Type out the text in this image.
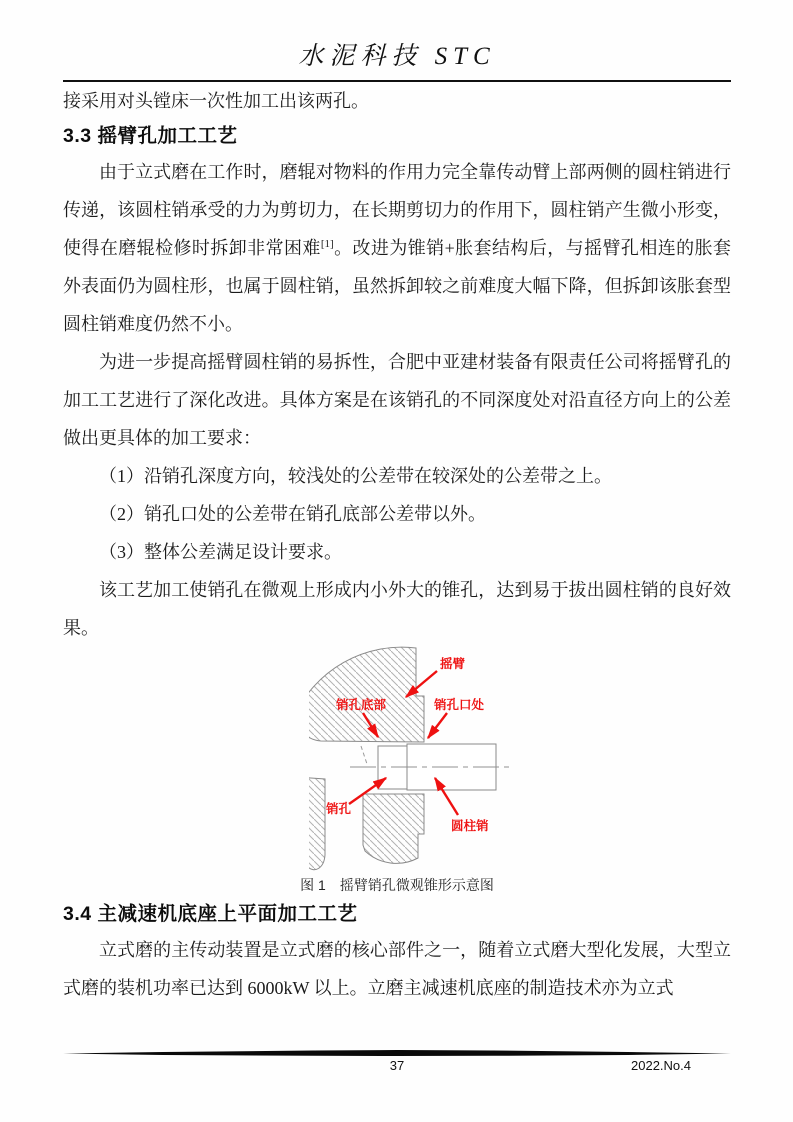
水泥科技 STC
接采用对头镗床一次性加工出该两孔。
3.3 摇臂孔加工工艺
由于立式磨在工作时，磨辊对物料的作用力完全靠传动臂上部两侧的圆柱销进行传递，该圆柱销承受的力为剪切力，在长期剪切力的作用下，圆柱销产生微小形变，使得在磨辊检修时拆卸非常困难[1]。改进为锥销+胀套结构后，与摇臂孔相连的胀套外表面仍为圆柱形，也属于圆柱销，虽然拆卸较之前难度大幅下降，但拆卸该胀套型圆柱销难度仍然不小。
为进一步提高摇臂圆柱销的易拆性，合肥中亚建材装备有限责任公司将摇臂孔的加工工艺进行了深化改进。具体方案是在该销孔的不同深度处对沿直径方向上的公差做出更具体的加工要求：
（1）沿销孔深度方向，较浅处的公差带在较深处的公差带之上。
（2）销孔口处的公差带在销孔底部公差带以外。
（3）整体公差满足设计要求。
该工艺加工使销孔在微观上形成内小外大的锥孔，达到易于拔出圆柱销的良好效果。
摇臂
销孔底部	销孔口处
销孔
圆柱销
图 1　摇臂销孔微观锥形示意图
3.4 主减速机底座上平面加工工艺
立式磨的主传动装置是立式磨的核心部件之一，随着立式磨大型化发展，大型立式磨的装机功率已达到 6000kW 以上。立磨主减速机底座的制造技术亦为立式
37	2022.No.4
